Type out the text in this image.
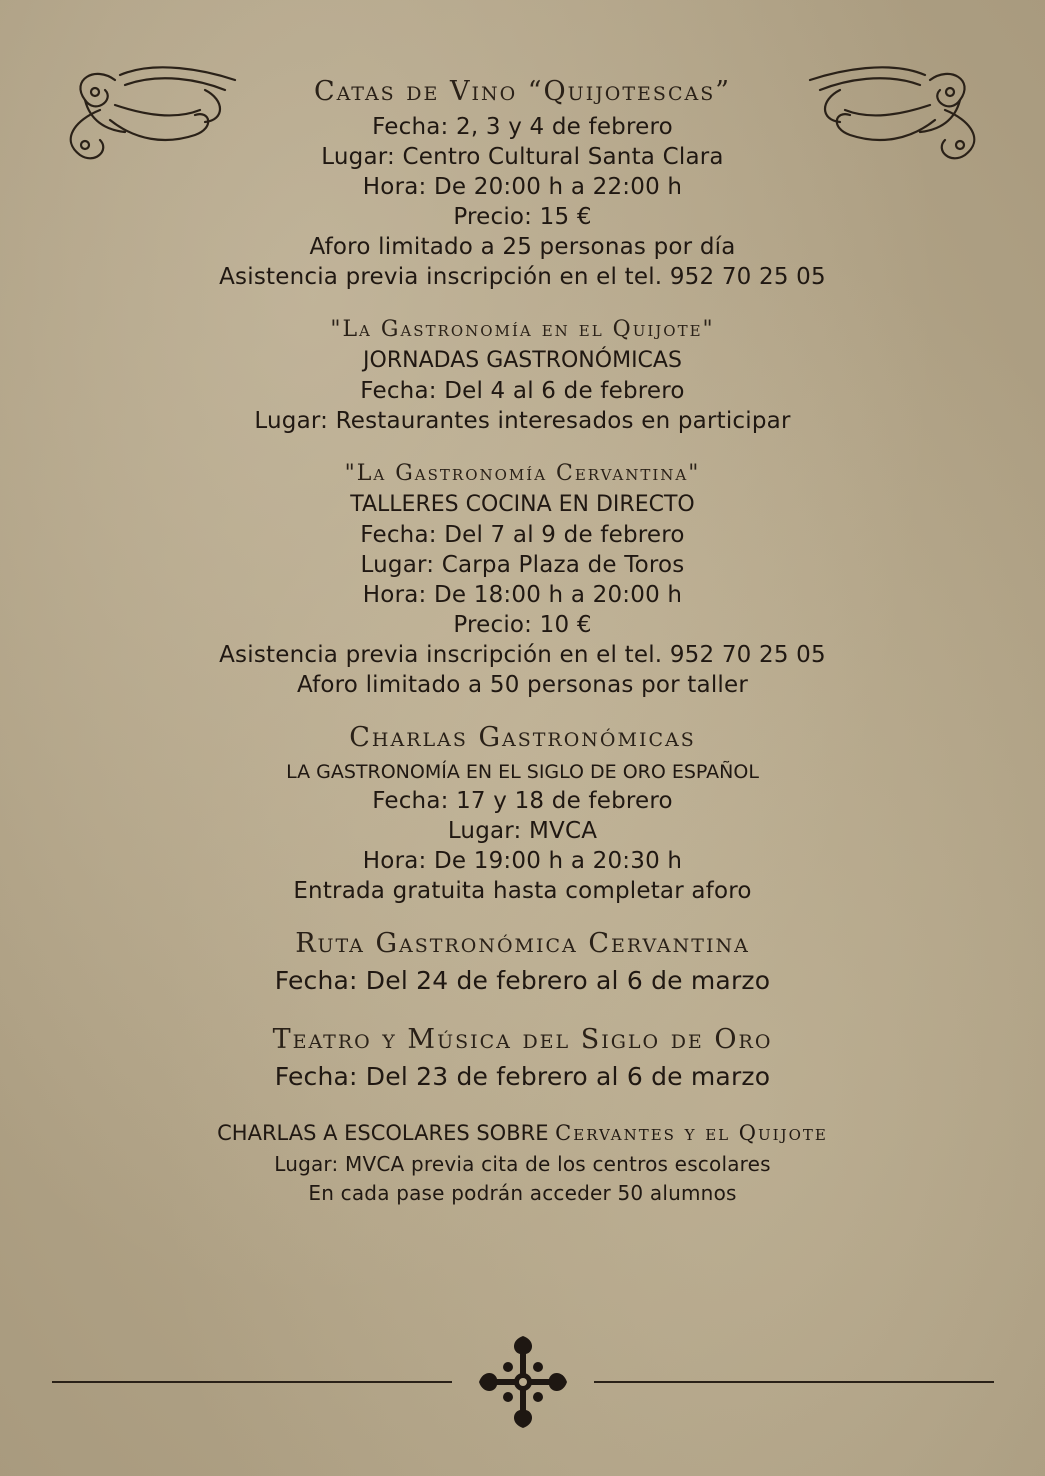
Catas de Vino “Quijotescas”
Fecha: 2, 3 y 4 de febrero
Lugar: Centro Cultural Santa Clara
Hora: De 20:00 h a 22:00 h
Precio: 15 €
Aforo limitado a 25 personas por día
Asistencia previa inscripción en el tel. 952 70 25 05
"La Gastronomía en el Quijote"
JORNADAS GASTRONÓMICAS
Fecha: Del 4 al 6 de febrero
Lugar: Restaurantes interesados en participar
"La Gastronomía Cervantina"
TALLERES COCINA EN DIRECTO
Fecha: Del 7 al 9 de febrero
Lugar: Carpa Plaza de Toros
Hora: De 18:00 h a 20:00 h
Precio: 10 €
Asistencia previa inscripción en el tel. 952 70 25 05
Aforo limitado a 50 personas por taller
Charlas Gastronómicas
LA GASTRONOMÍA EN EL SIGLO DE ORO ESPAÑOL
Fecha: 17 y 18 de febrero
Lugar: MVCA
Hora: De 19:00 h a 20:30 h
Entrada gratuita hasta completar aforo
Ruta Gastronómica Cervantina
Fecha: Del 24 de febrero al 6 de marzo
Teatro y Música del Siglo de Oro
Fecha: Del 23 de febrero al 6 de marzo
CHARLAS A ESCOLARES SOBRE Cervantes y el Quijote
Lugar: MVCA previa cita de los centros escolares
En cada pase podrán acceder 50 alumnos
